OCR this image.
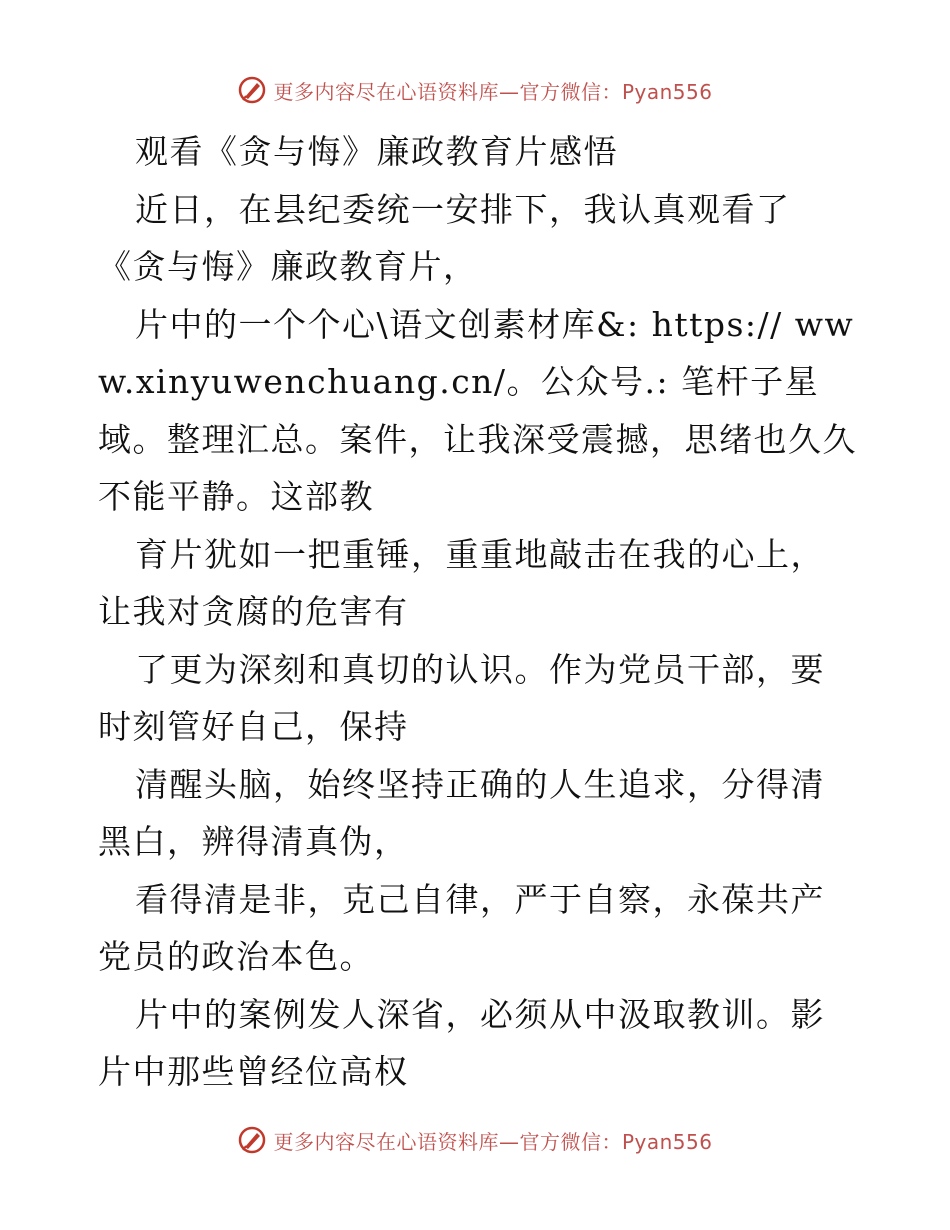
更多内容尽在心语资料库—官方微信：Pyan556

观看《贪与悔》廉政教育片感悟

近日，在县纪委统一安排下，我认真观看了《贪与悔》廉政教育片，

片中的一个个心\语文创素材库&: https:// www.xinyuwenchuang.cn/。公众号.: 笔杆子星域。整理汇总。案件，让我深受震撼，思绪也久久不能平静。这部教

育片犹如一把重锤，重重地敲击在我的心上，让我对贪腐的危害有

了更为深刻和真切的认识。作为党员干部，要时刻管好自己，保持

清醒头脑，始终坚持正确的人生追求，分得清黑白，辨得清真伪，

看得清是非，克己自律，严于自察，永葆共产党员的政治本色。

片中的案例发人深省，必须从中汲取教训。影片中那些曾经位高权

更多内容尽在心语资料库—官方微信：Pyan556
